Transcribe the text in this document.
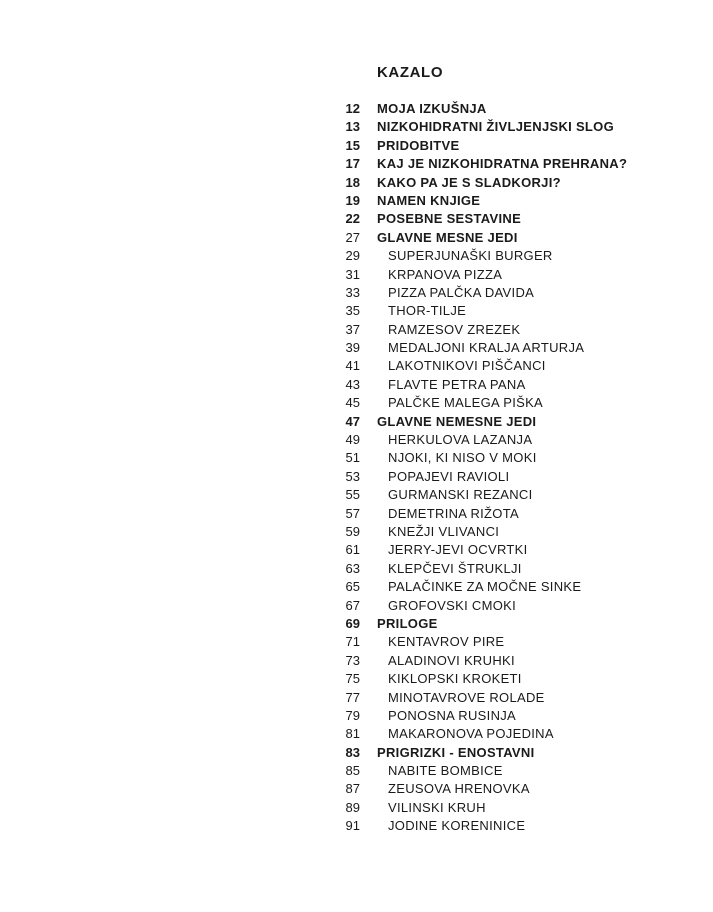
KAZALO
12	MOJA IZKUŠNJA
13	NIZKOHIDRATNI ŽIVLJENJSKI SLOG
15	PRIDOBITVE
17	KAJ JE NIZKOHIDRATNA PREHRANA?
18	KAKO PA JE S SLADKORJI?
19	NAMEN KNJIGE
22	POSEBNE SESTAVINE
27	GLAVNE MESNE JEDI
29	SUPERJUNAŠKI BURGER
31	KRPANOVA PIZZA
33	PIZZA PALČKA DAVIDA
35	THOR-TILJE
37	RAMZESOV ZREZEK
39	MEDALJONI KRALJA ARTURJA
41	LAKOTNIKOVI PIŠČANCI
43	FLAVTE PETRA PANA
45	PALČKE MALEGA PIŠKA
47	GLAVNE NEMESNE JEDI
49	HERKULOVA LAZANJA
51	NJOKI, KI NISO V MOKI
53	POPAJEVI RAVIOLI
55	GURMANSKI REZANCI
57	DEMETRINA RIŽOTA
59	KNEŽJI VLIVANCI
61	JERRY-JEVI OCVRTKI
63	KLEPČEVI ŠTRUKLJI
65	PALAČINKE ZA MOČNE SINKE
67	GROFOVSKI CMOKI
69	PRILOGE
71	KENTAVROV PIRE
73	ALADINOVI KRUHKI
75	KIKLOPSKI KROKETI
77	MINOTAVROVE ROLADE
79	PONOSNA RUSINJA
81	MAKARONOVA POJEDINA
83	PRIGRIZKI - ENOSTAVNI
85	NABITE BOMBICE
87	ZEUSOVA HRENOVKA
89	VILINSKI KRUH
91	JODINE KORENINICE
